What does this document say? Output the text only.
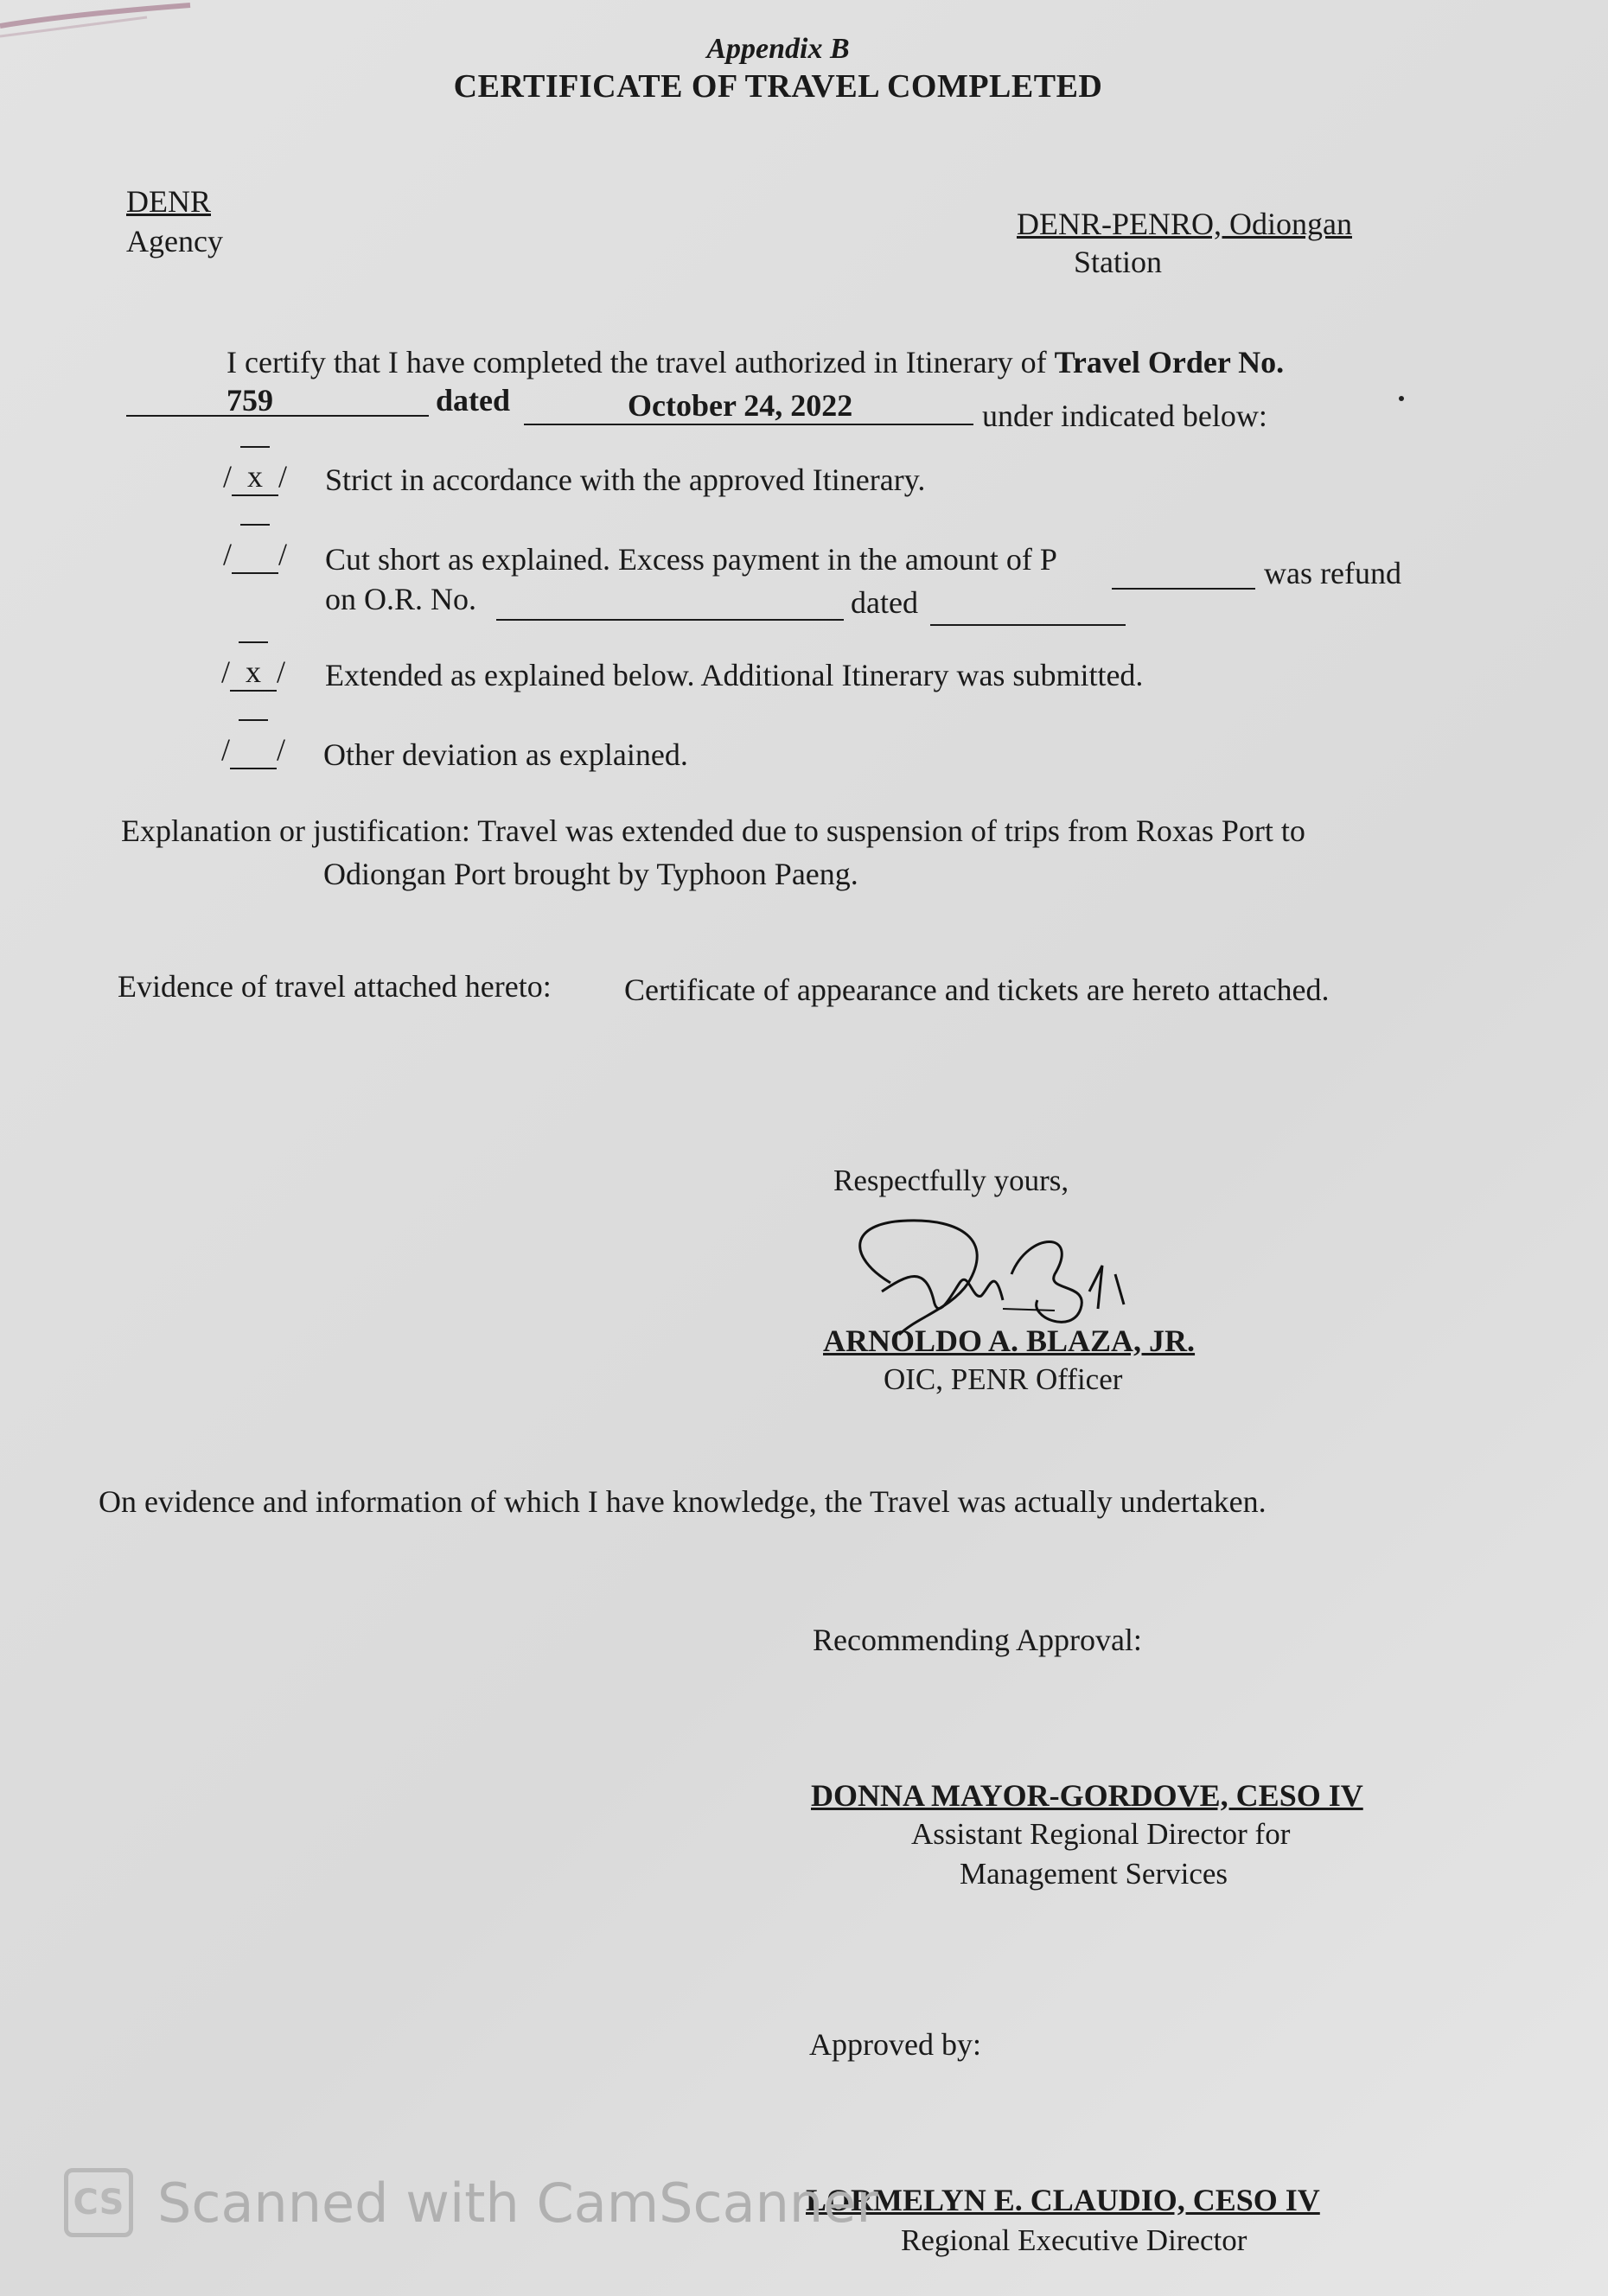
Appendix B
CERTIFICATE OF TRAVEL COMPLETED
DENR
Agency	DENR-PENRO, Odiongan
Station
I certify that I have completed the travel authorized in Itinerary of Travel Order No.
759	dated	October 24, 2022	under indicated below:
/ x / Strict in accordance with the approved Itinerary.
/ / Cut short as explained. Excess payment in the amount of P	was refund
on O.R. No.	dated
/ x / Extended as explained below. Additional Itinerary was submitted.
/ / Other deviation as explained.
Explanation or justification: Travel was extended due to suspension of trips from Roxas Port to
Odiongan Port brought by Typhoon Paeng.
Evidence of travel attached hereto: Certificate of appearance and tickets are hereto attached.
Respectfully yours,
ARNOLDO A. BLAZA, JR.
OIC, PENR Officer
On evidence and information of which I have knowledge, the Travel was actually undertaken.
Recommending Approval:
DONNA MAYOR-GORDOVE, CESO IV
Assistant Regional Director for
Management Services
Approved by:
LORMELYN E. CLAUDIO, CESO IV
Regional Executive Director
CS Scanned with CamScanner
